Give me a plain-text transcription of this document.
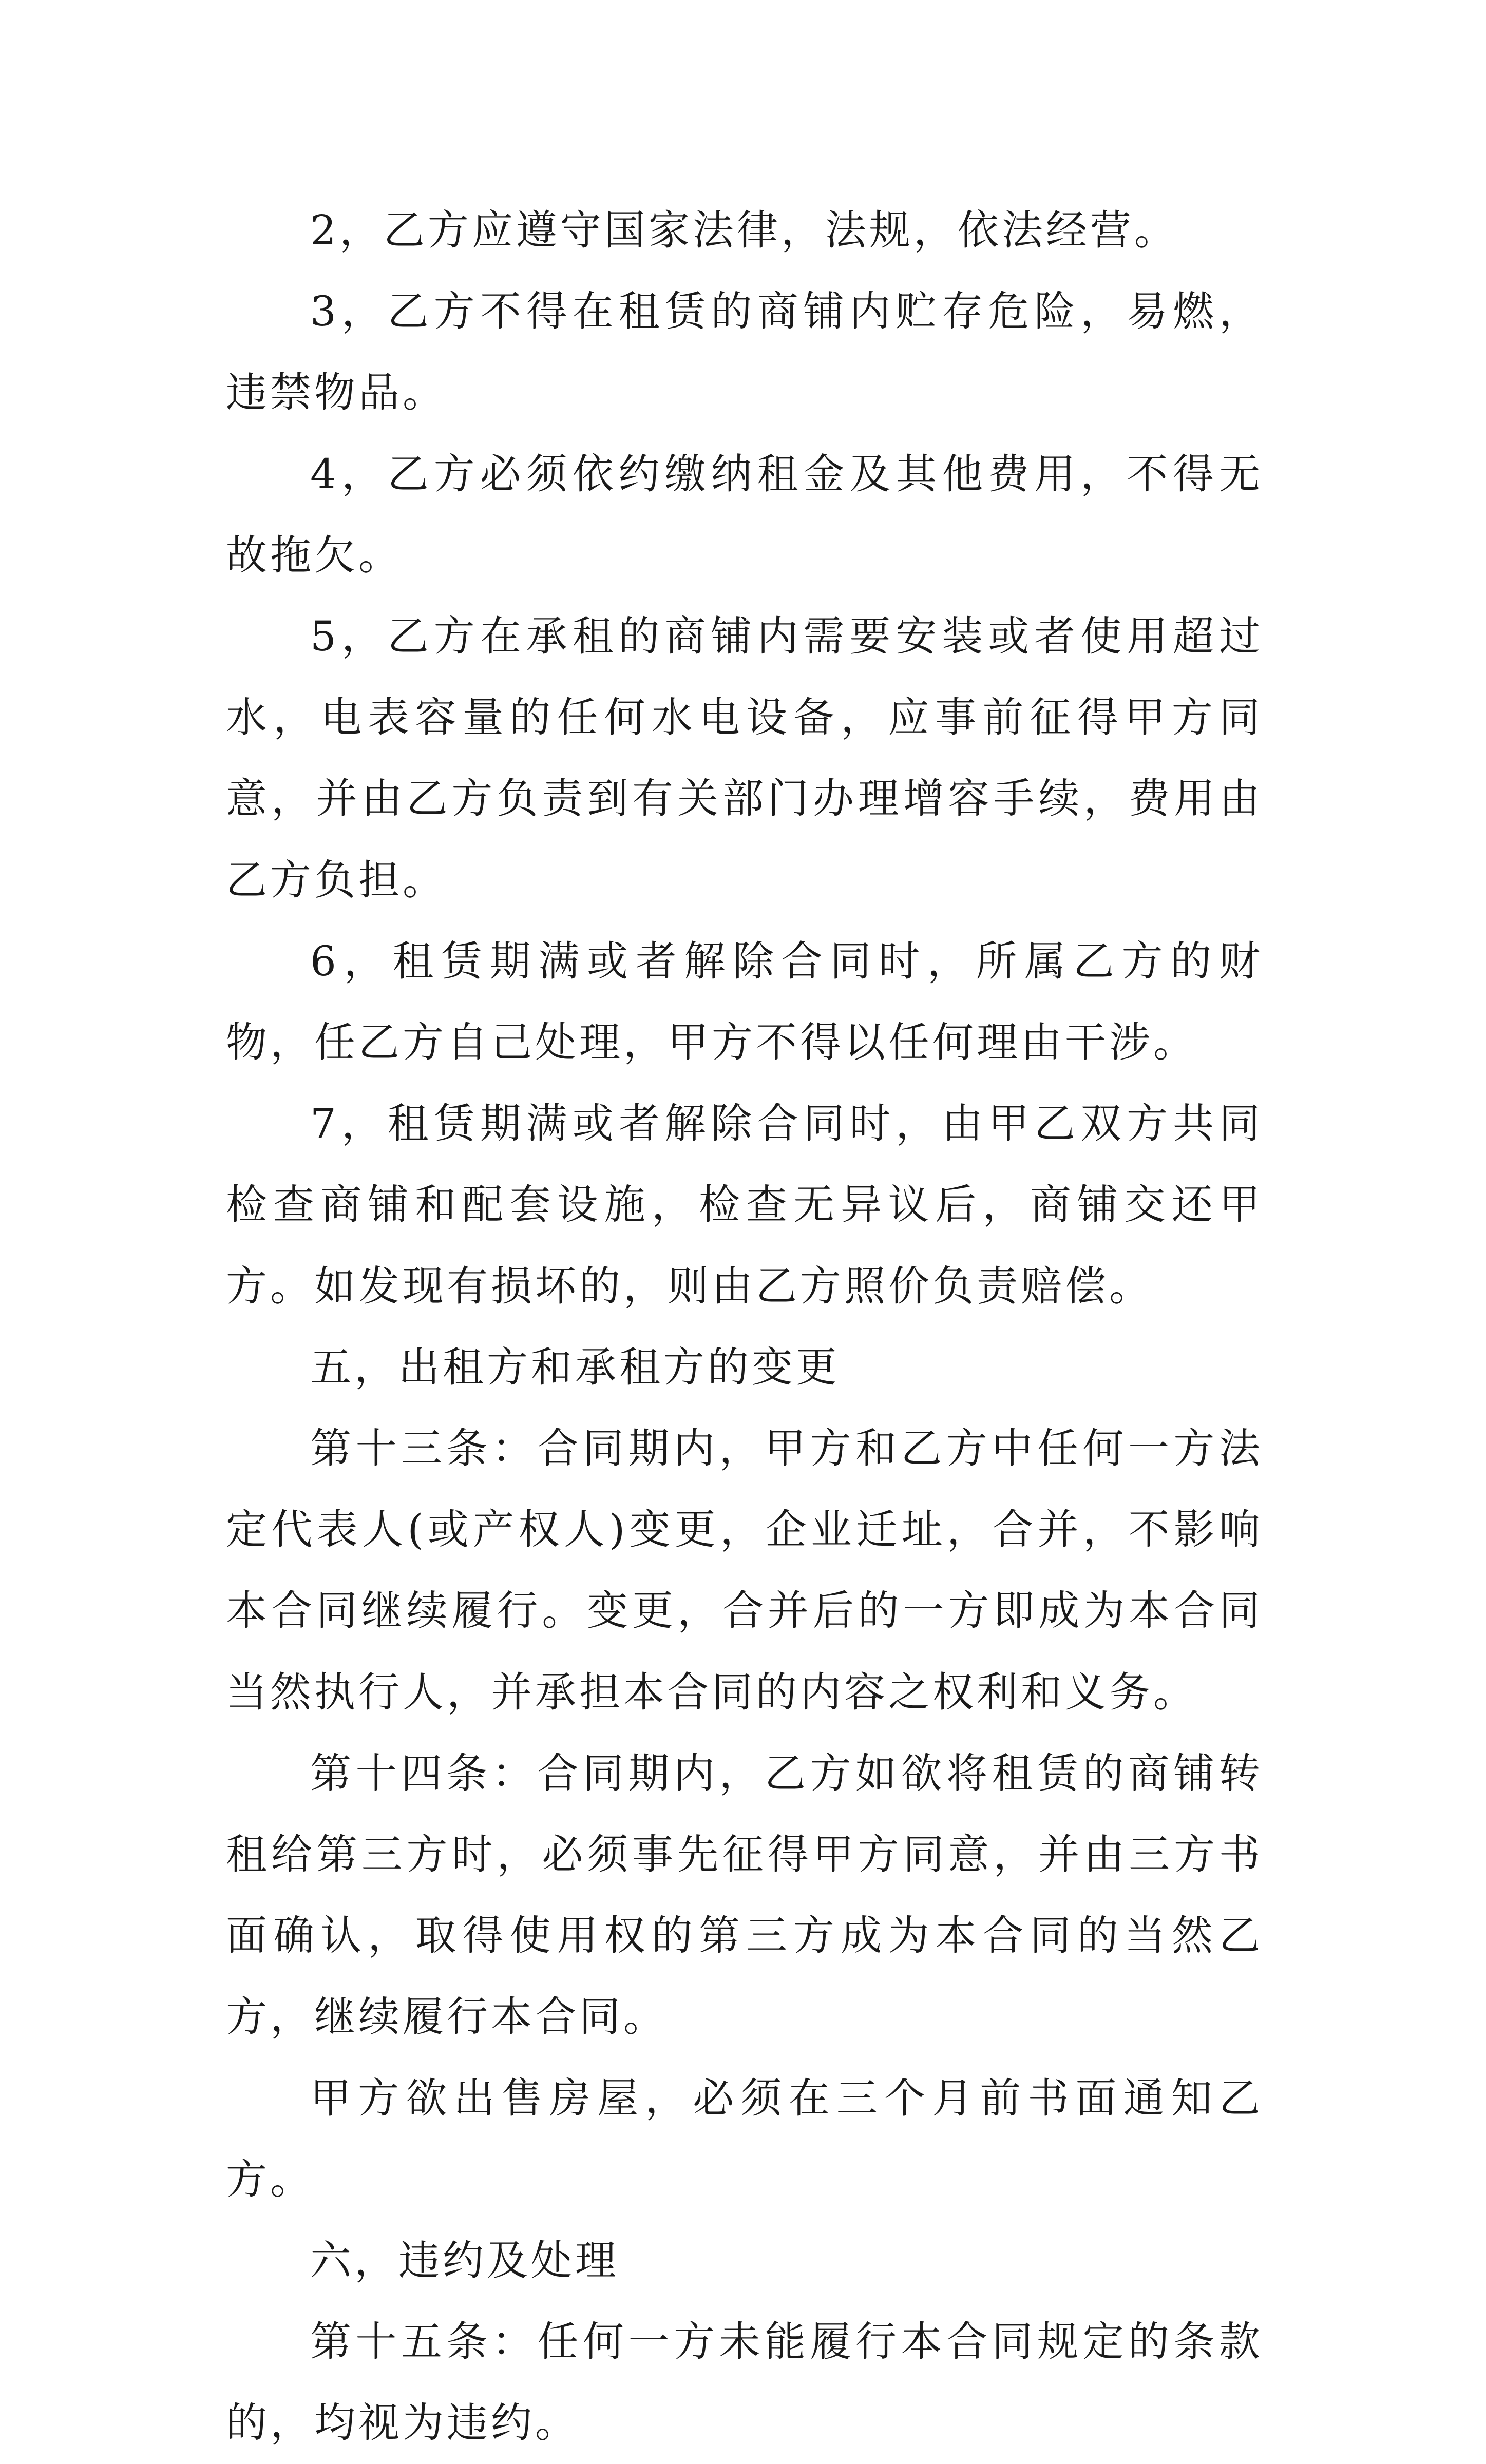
2，乙方应遵守国家法律，法规，依法经营。

3，乙方不得在租赁的商铺内贮存危险，易燃，违禁物品。

4，乙方必须依约缴纳租金及其他费用，不得无故拖欠。

5，乙方在承租的商铺内需要安装或者使用超过水，电表容量的任何水电设备，应事前征得甲方同意，并由乙方负责到有关部门办理增容手续，费用由乙方负担。

6，租赁期满或者解除合同时，所属乙方的财物，任乙方自己处理，甲方不得以任何理由干涉。

7，租赁期满或者解除合同时，由甲乙双方共同检查商铺和配套设施，检查无异议后，商铺交还甲方。如发现有损坏的，则由乙方照价负责赔偿。

五，出租方和承租方的变更

第十三条：合同期内，甲方和乙方中任何一方法定代表人(或产权人)变更，企业迁址，合并，不影响本合同继续履行。变更，合并后的一方即成为本合同当然执行人，并承担本合同的内容之权利和义务。

第十四条：合同期内，乙方如欲将租赁的商铺转租给第三方时，必须事先征得甲方同意，并由三方书面确认，取得使用权的第三方成为本合同的当然乙方，继续履行本合同。

甲方欲出售房屋，必须在三个月前书面通知乙方。

六，违约及处理

第十五条：任何一方未能履行本合同规定的条款的，均视为违约。
